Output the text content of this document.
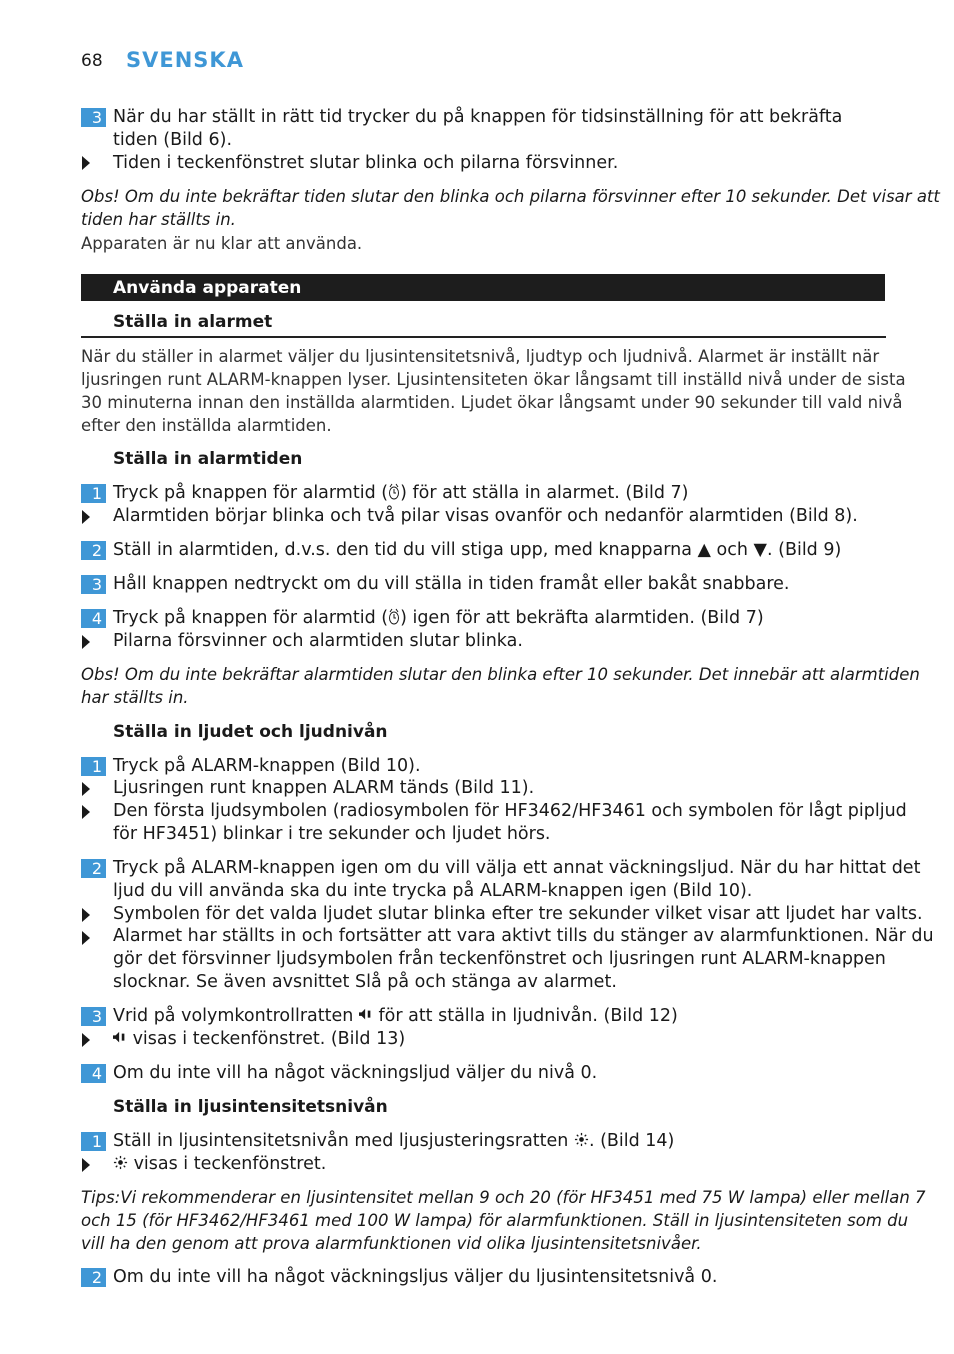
68 SVENSKA
3 När du har ställt in rätt tid trycker du på knappen för tidsinställning för att bekräfta
tiden (Bild 6).
Tiden i teckenfönstret slutar blinka och pilarna försvinner.
Obs! Om du inte bekräftar tiden slutar den blinka och pilarna försvinner efter 10 sekunder. Det visar att
tiden har ställts in.
Apparaten är nu klar att använda.
Använda apparaten
Ställa in alarmet
När du ställer in alarmet väljer du ljusintensitetsnivå, ljudtyp och ljudnivå. Alarmet är inställt när
ljusringen runt ALARM-knappen lyser. Ljusintensiteten ökar långsamt till inställd nivå under de sista
30 minuterna innan den inställda alarmtiden. Ljudet ökar långsamt under 90 sekunder till vald nivå
efter den inställda alarmtiden.
Ställa in alarmtiden
1 Tryck på knappen för alarmtid ( ) för att ställa in alarmet. (Bild 7)
Alarmtiden börjar blinka och två pilar visas ovanför och nedanför alarmtiden (Bild 8).
2 Ställ in alarmtiden, d.v.s. den tid du vill stiga upp, med knapparna ▲ och ▼. (Bild 9)
3 Håll knappen nedtryckt om du vill ställa in tiden framåt eller bakåt snabbare.
4 Tryck på knappen för alarmtid ( ) igen för att bekräfta alarmtiden. (Bild 7)
Pilarna försvinner och alarmtiden slutar blinka.
Obs! Om du inte bekräftar alarmtiden slutar den blinka efter 10 sekunder. Det innebär att alarmtiden
har ställts in.
Ställa in ljudet och ljudnivån
1 Tryck på ALARM-knappen (Bild 10).
Ljusringen runt knappen ALARM tänds (Bild 11).
Den första ljudsymbolen (radiosymbolen för HF3462/HF3461 och symbolen för lågt pipljud
för HF3451) blinkar i tre sekunder och ljudet hörs.
2 Tryck på ALARM-knappen igen om du vill välja ett annat väckningsljud. När du har hittat det
ljud du vill använda ska du inte trycka på ALARM-knappen igen (Bild 10).
Symbolen för det valda ljudet slutar blinka efter tre sekunder vilket visar att ljudet har valts.
Alarmet har ställts in och fortsätter att vara aktivt tills du stänger av alarmfunktionen. När du
gör det försvinner ljudsymbolen från teckenfönstret och ljusringen runt ALARM-knappen
slocknar. Se även avsnittet Slå på och stänga av alarmet.
3 Vrid på volymkontrollratten  för att ställa in ljudnivån. (Bild 12)
visas i teckenfönstret. (Bild 13)
4 Om du inte vill ha något väckningsljud väljer du nivå 0.
Ställa in ljusintensitetsnivån
1 Ställ in ljusintensitetsnivån med ljusjusteringsratten . (Bild 14)
visas i teckenfönstret.
Tips:Vi rekommenderar en ljusintensitet mellan 9 och 20 (för HF3451 med 75 W lampa) eller mellan 7
och 15 (för HF3462/HF3461 med 100 W lampa) för alarmfunktionen. Ställ in ljusintensiteten som du
vill ha den genom att prova alarmfunktionen vid olika ljusintensitetsnivåer.
2 Om du inte vill ha något väckningsljus väljer du ljusintensitetsnivå 0.
